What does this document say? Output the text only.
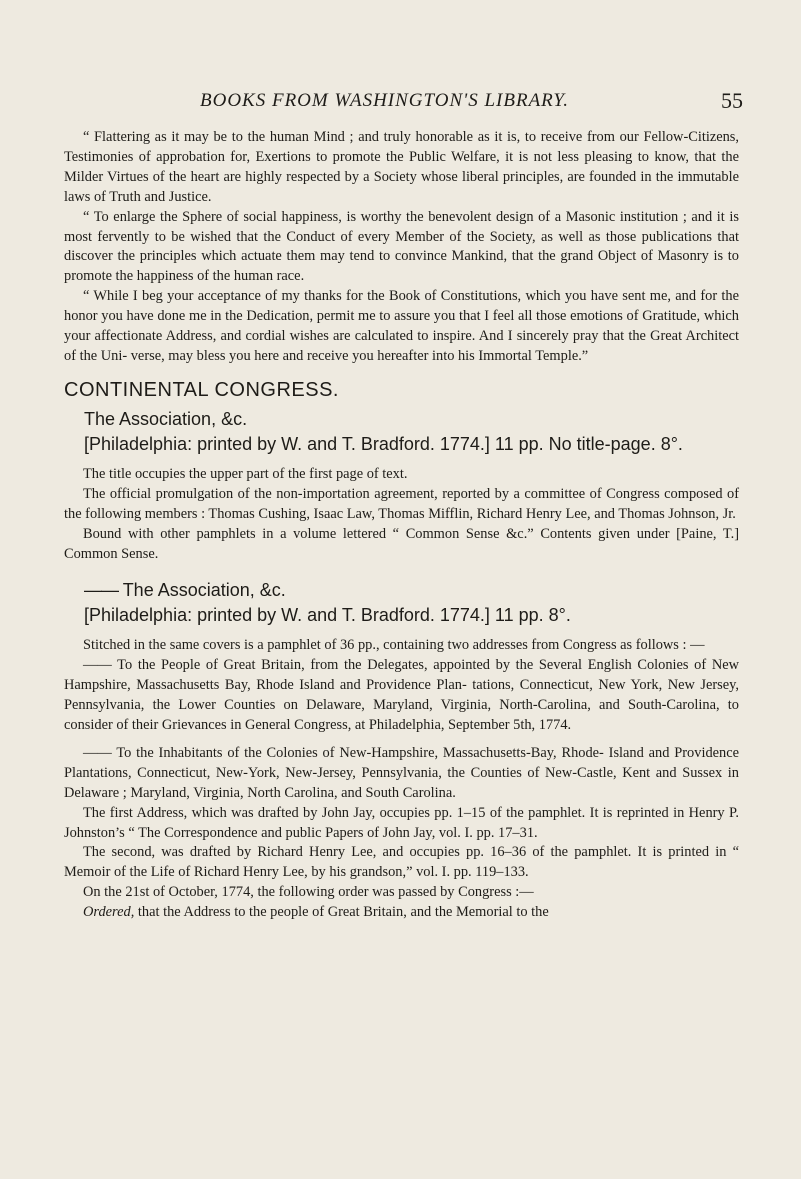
BOOKS FROM WASHINGTON'S LIBRARY.	55

“ Flattering as it may be to the human Mind ; and truly honorable as it is, to receive from our Fellow-Citizens, Testimonies of approbation for, Exertions to promote the Public Welfare, it is not less pleasing to know, that the Milder Virtues of the heart are highly respected by a Society whose liberal principles, are founded in the immutable laws of Truth and Justice.

“ To enlarge the Sphere of social happiness, is worthy the benevolent design of a Masonic institution ; and it is most fervently to be wished that the Conduct of every Member of the Society, as well as those publications that discover the principles which actuate them may tend to convince Mankind, that the grand Object of Masonry is to promote the happiness of the human race.

“ While I beg your acceptance of my thanks for the Book of Constitutions, which you have sent me, and for the honor you have done me in the Dedication, permit me to assure you that I feel all those emotions of Gratitude, which your affectionate Address, and cordial wishes are calculated to inspire. And I sincerely pray that the Great Architect of the Uni- verse, may bless you here and receive you hereafter into his Immortal Temple.”

CONTINENTAL CONGRESS.

The Association, &c.

[Philadelphia: printed by W. and T. Bradford. 1774.] 11 pp. No title-page. 8°.

The title occupies the upper part of the first page of text.

The official promulgation of the non-importation agreement, reported by a committee of Congress composed of the following members : Thomas Cushing, Isaac Law, Thomas Mifflin, Richard Henry Lee, and Thomas Johnson, Jr.

Bound with other pamphlets in a volume lettered “ Common Sense &c.” Contents given under [Paine, T.] Common Sense.

—— The Association, &c.

[Philadelphia: printed by W. and T. Bradford. 1774.] 11 pp. 8°.

Stitched in the same covers is a pamphlet of 36 pp., containing two addresses from Congress as follows : —

—— To the People of Great Britain, from the Delegates, appointed by the Several English Colonies of New Hampshire, Massachusetts Bay, Rhode Island and Providence Plan- tations, Connecticut, New York, New Jersey, Pennsylvania, the Lower Counties on Delaware, Maryland, Virginia, North-Carolina, and South-Carolina, to consider of their Grievances in General Congress, at Philadelphia, September 5th, 1774.

—— To the Inhabitants of the Colonies of New-Hampshire, Massachusetts-Bay, Rhode- Island and Providence Plantations, Connecticut, New-York, New-Jersey, Pennsylvania, the Counties of New-Castle, Kent and Sussex in Delaware ; Maryland, Virginia, North Carolina, and South Carolina.

The first Address, which was drafted by John Jay, occupies pp. 1–15 of the pamphlet. It is reprinted in Henry P. Johnston’s “ The Correspondence and public Papers of John Jay, vol. I. pp. 17–31.

The second, was drafted by Richard Henry Lee, and occupies pp. 16–36 of the pamphlet. It is printed in “ Memoir of the Life of Richard Henry Lee, by his grandson,” vol. I. pp. 119–133.

On the 21st of October, 1774, the following order was passed by Congress :—

Ordered, that the Address to the people of Great Britain, and the Memorial to the
